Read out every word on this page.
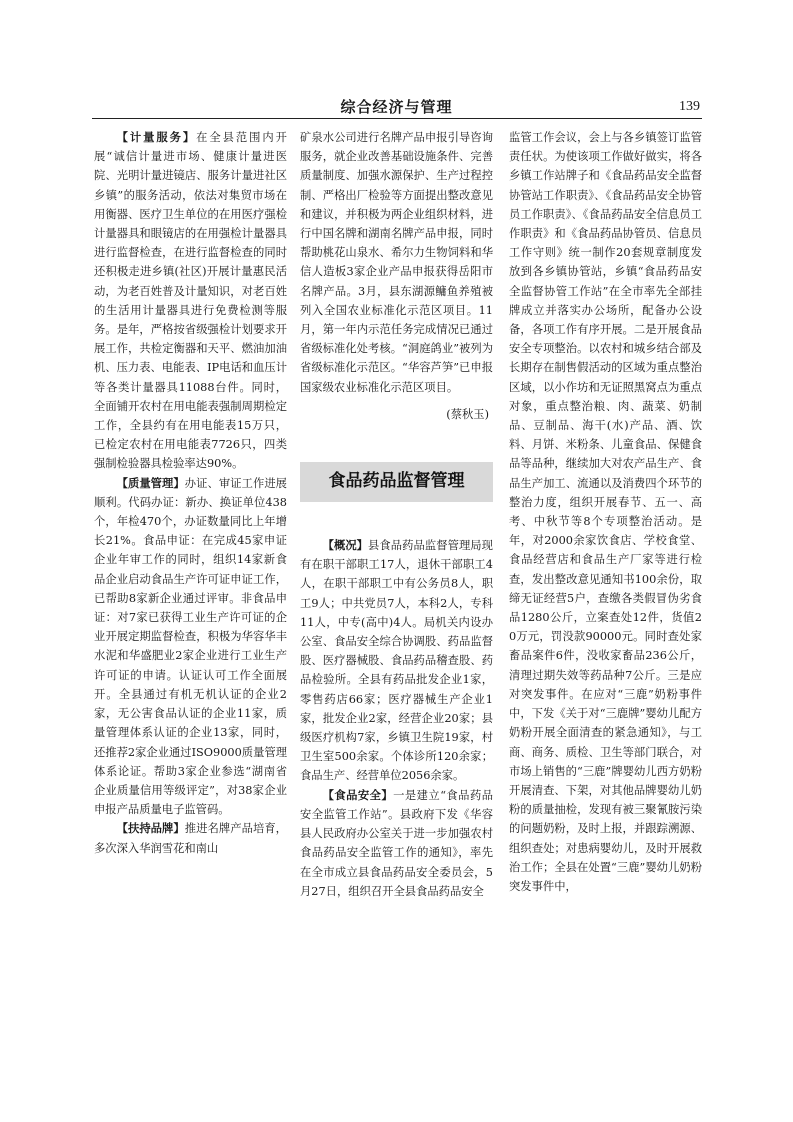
综合经济与管理	139

【计量服务】在全县范围内开展“诚信计量进市场、健康计量进医院、光明计量进镜店、服务计量进社区乡镇”的服务活动，依法对集贸市场在用衡器、医疗卫生单位的在用医疗强检计量器具和眼镜店的在用强检计量器具进行监督检查，在进行监督检查的同时还积极走进乡镇(社区)开展计量惠民活动，为老百姓普及计量知识，对老百姓的生活用计量器具进行免费检测等服务。是年，严格按省级强检计划要求开展工作，共检定衡器和天平、燃油加油机、压力表、电能表、IP电话和血压计等各类计量器具11088台件。同时，全面铺开农村在用电能表强制周期检定工作，全县约有在用电能表15万只，已检定农村在用电能表7726只，四类强制检验器具检验率达90%。

【质量管理】办证、审证工作进展顺利。代码办证：新办、换证单位438个，年检470个，办证数量同比上年增长21%。食品申证：在完成45家申证企业年审工作的同时，组织14家新食品企业启动食品生产许可证申证工作，已帮助8家新企业通过评审。非食品申证：对7家已获得工业生产许可证的企业开展定期监督检查，积极为华容华丰水泥和华盛肥业2家企业进行工业生产许可证的申请。认证认可工作全面展开。全县通过有机无机认证的企业2家，无公害食品认证的企业11家，质量管理体系认证的企业13家，同时，还推荐2家企业通过ISO9000质量管理体系论证。帮助3家企业参选“湖南省企业质量信用等级评定”，对38家企业申报产品质量电子监管码。

【扶持品牌】推进名牌产品培育，多次深入华润雪花和南山

矿泉水公司进行名牌产品申报引导咨询服务，就企业改善基础设施条件、完善质量制度、加强水源保护、生产过程控制、严格出厂检验等方面提出整改意见和建议，并积极为两企业组织材料，进行中国名牌和湖南名牌产品申报，同时帮助桃花山泉水、希尔力生物饲料和华信人造板3家企业产品申报获得岳阳市名牌产品。3月，县东湖源鳙鱼养殖被列入全国农业标准化示范区项目。11月，第一年内示范任务完成情况已通过省级标准化处考核。“洞庭鸽业”被列为省级标准化示范区。“华容芦笋”已申报国家级农业标准化示范区项目。

(蔡秋玉)
食品药品监督管理

【概况】县食品药品监督管理局现有在职干部职工17人，退休干部职工4人，在职干部职工中有公务员8人，职工9人；中共党员7人，本科2人，专科11人，中专(高中)4人。局机关内设办公室、食品安全综合协调股、药品监督股、医疗器械股、食品药品稽查股、药品检验所。全县有药品批发企业1家，零售药店66家；医疗器械生产企业1家，批发企业2家，经营企业20家；县级医疗机构7家，乡镇卫生院19家，村卫生室500余家。个体诊所120余家；食品生产、经营单位2056余家。

【食品安全】一是建立“食品药品安全监管工作站”。县政府下发《华容县人民政府办公室关于进一步加强农村食品药品安全监管工作的通知》，率先在全市成立县食品药品安全委员会，5月27日，组织召开全县食品药品安全

监管工作会议，会上与各乡镇签订监管责任状。为使该项工作做好做实，将各乡镇工作站牌子和《食品药品安全监督协管站工作职责》、《食品药品安全协管员工作职责》、《食品药品安全信息员工作职责》和《食品药品协管员、信息员工作守则》统一制作20套规章制度发放到各乡镇协管站，乡镇“食品药品安全监督协管工作站”在全市率先全部挂牌成立并落实办公场所，配备办公设备，各项工作有序开展。二是开展食品安全专项整治。以农村和城乡结合部及长期存在制售假活动的区域为重点整治区域，以小作坊和无证照黑窝点为重点对象，重点整治粮、肉、蔬菜、奶制品、豆制品、海干(水)产品、酒、饮料、月饼、米粉条、儿童食品、保健食品等品种，继续加大对农产品生产、食品生产加工、流通以及消费四个环节的整治力度，组织开展春节、五一、高考、中秋节等8个专项整治活动。是年，对2000余家饮食店、学校食堂、食品经营店和食品生产厂家等进行检查，发出整改意见通知书100余份，取缔无证经营5户，查缴各类假冒伪劣食品1280公斤，立案查处12件，货值20万元，罚没款90000元。同时查处家畜品案件6件，没收家畜品236公斤，清理过期失效等药品种7公斤。三是应对突发事件。在应对“三鹿”奶粉事件中，下发《关于对“三鹿牌”婴幼儿配方奶粉开展全面清查的紧急通知》，与工商、商务、质检、卫生等部门联合，对市场上销售的“三鹿”牌婴幼儿西方奶粉开展清查、下架，对其他品牌婴幼儿奶粉的质量抽检，发现有被三聚氰胺污染的问题奶粉，及时上报，并跟踪溯源、组织查处；对患病婴幼儿，及时开展救治工作；全县在处置“三鹿”婴幼儿奶粉突发事件中，
